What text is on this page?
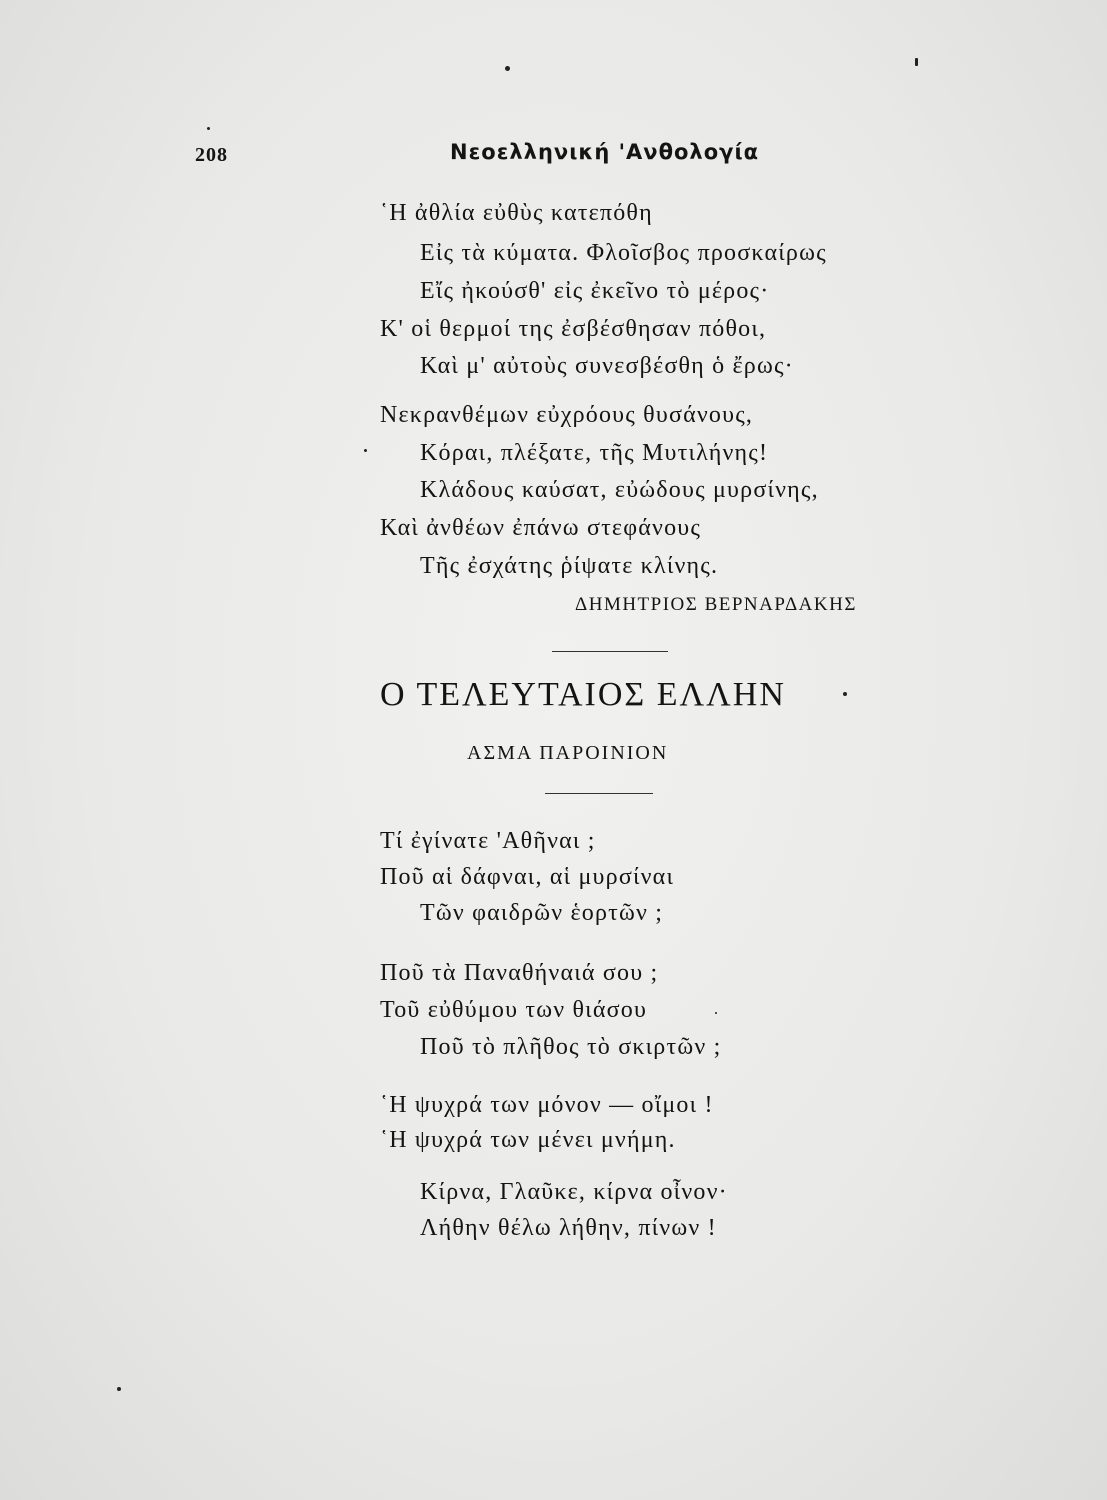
208	Νεοελληνική 'Ανθολογία
῾Η ἀθλία εὐθὺς κατεπόθη
Εἰς τὰ κύματα. Φλοῖσβος προσκαίρως
Εἴς ἠκούσθ' εἰς ἐκεῖνο τὸ μέρος·
Κ' οἱ θερμοί της ἐσβέσθησαν πόθοι,
Καὶ μ' αὐτοὺς συνεσβέσθη ὁ ἔρως·
Νεκρανθέμων εὐχρόους θυσάνους,
Κόραι, πλέξατε, τῆς Μυτιλήνης!
Κλάδους καύσατ, εὐώδους μυρσίνης,
Καὶ ἀνθέων ἐπάνω στεφάνους
Τῆς ἐσχάτης ῥίψατε κλίνης.
ΔΗΜΗΤΡΙΟΣ ΒΕΡΝΑΡΔΑΚΗΣ
Ο ΤΕΛΕΥΤΑΙΟΣ ΕΛΛΗΝ
ΑΣΜΑ ΠΑΡΟΙΝΙΟΝ
Τί ἐγίνατε 'Αθῆναι ;
Ποῦ αἱ δάφναι, αἱ μυρσίναι
Τῶν φαιδρῶν ἑορτῶν ;
Ποῦ τὰ Παναθήναιά σου ;
Τοῦ εὐθύμου των θιάσου
Ποῦ τὸ πλῆθος τὸ σκιρτῶν ;
῾Η ψυχρά των μόνον — οἴμοι !
῾Η ψυχρά των μένει μνήμη.
Κίρνα, Γλαῦκε, κίρνα οἶνον·
Λήθην θέλω λήθην, πίνων !
